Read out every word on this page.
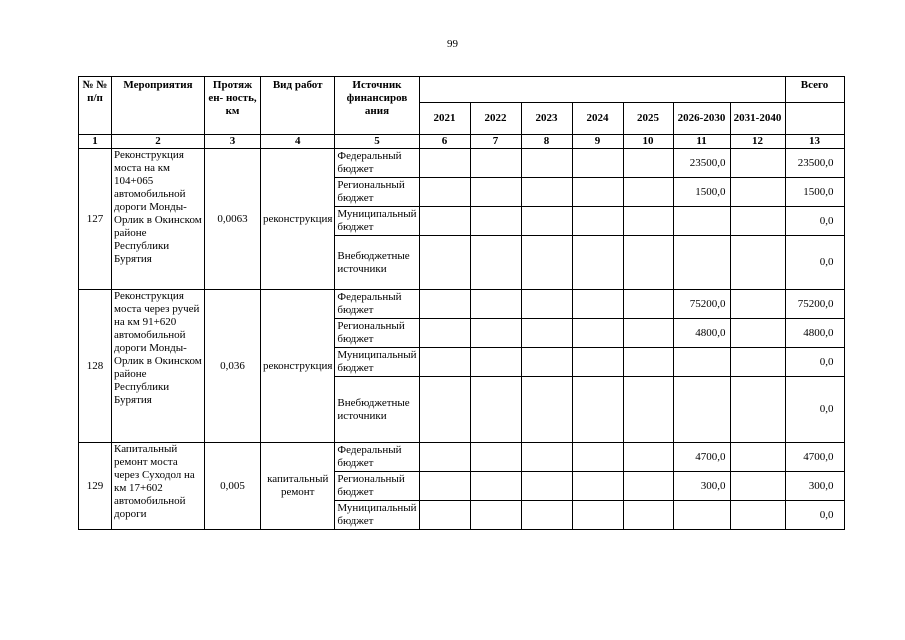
99
№ № п/п	Мероприятия	Протяж ен- ность, км	Вид работ	Источник финансиров ания								Всего
					2021	2022	2023	2024	2025	2026-2030	2031-2040	
1	2	3	4	5	6	7	8	9	10	11	12	13
127	Реконструкция моста на км 104+065 автомобильной дороги Монды-Орлик в Окинском районе Республики Бурятия	0,0063	реконструкция	Федеральный бюджет						23500,0		23500,0
				Региональный бюджет						1500,0		1500,0
				Муниципальный бюджет								0,0
				Внебюджетные источники								0,0
128	Реконструкция моста через ручей на км 91+620 автомобильной дороги Монды-Орлик в Окинском районе Республики Бурятия	0,036	реконструкция	Федеральный бюджет						75200,0		75200,0
				Региональный бюджет						4800,0		4800,0
				Муниципальный бюджет								0,0
				Внебюджетные источники								0,0
129	Капитальный ремонт моста через Суходол на км 17+602 автомобильной дороги	0,005	капитальный ремонт	Федеральный бюджет						4700,0		4700,0
				Региональный бюджет						300,0		300,0
				Муниципальный бюджет								0,0
